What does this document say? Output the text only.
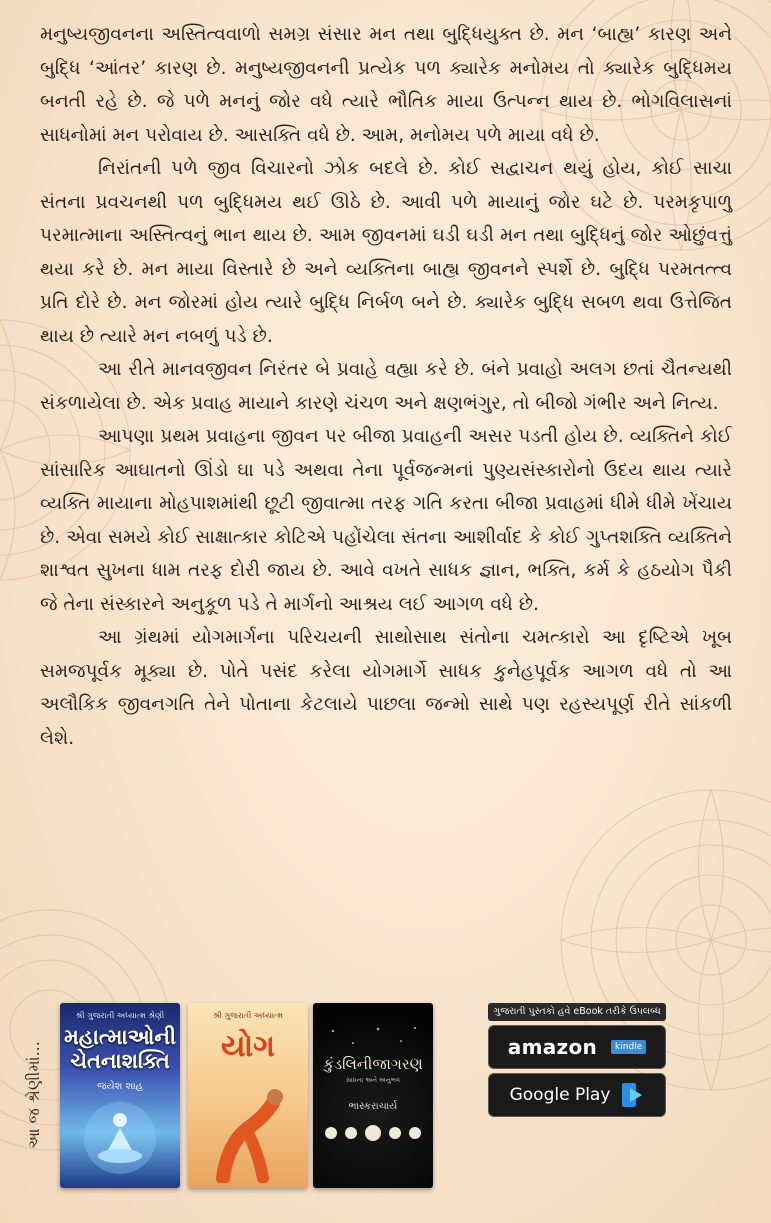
મનુષ્યજીવનના અસ્તિત્વવાળો સમગ્ર સંસાર મન તથા બુદ્ધિયુક્ત છે. મન ‘બાહ્ય’ કારણ અને બુદ્ધિ ‘આંતર’ કારણ છે. મનુષ્યજીવનની પ્રત્યેક પળ ક્યારેક મનોમય તો ક્યારેક બુદ્ધિમય બનતી રહે છે. જે પળે મનનું જોર વધે ત્યારે ભૌતિક માયા ઉત્પન્ન થાય છે. ભોગવિલાસનાં સાધનોમાં મન પરોવાય છે. આસક્તિ વધે છે. આમ, મનોમય પળે માયા વધે છે.

નિરાંતની પળે જીવ વિચારનો ઝોક બદલે છે. કોઈ સદ્વાચન થયું હોય, કોઈ સાચા સંતના પ્રવચનથી પળ બુદ્ધિમય થઈ ઊઠે છે. આવી પળે માયાનું જોર ઘટે છે. પરમકૃપાળુ પરમાત્માના અસ્તિત્વનું ભાન થાય છે. આમ જીવનમાં ઘડી ઘડી મન તથા બુદ્ધિનું જોર ઓછુંવત્તું થયા કરે છે. મન માયા વિસ્તારે છે અને વ્યક્તિના બાહ્ય જીવનને સ્પર્શે છે. બુદ્ધિ પરમતત્ત્વ પ્રતિ દોરે છે. મન જોરમાં હોય ત્યારે બુદ્ધિ નિર્બળ બને છે. ક્યારેક બુદ્ધિ સબળ થવા ઉત્તેજિત થાય છે ત્યારે મન નબળું પડે છે.

આ રીતે માનવજીવન નિરંતર બે પ્રવાહે વહ્યા કરે છે. બંને પ્રવાહો અલગ છતાં ચૈતન્યથી સંકળાયેલા છે. એક પ્રવાહ માયાને કારણે ચંચળ અને ક્ષણભંગુર, તો બીજો ગંભીર અને નિત્ય.

આપણા પ્રથમ પ્રવાહના જીવન પર બીજા પ્રવાહની અસર પડતી હોય છે. વ્યક્તિને કોઈ સાંસારિક આઘાતનો ઊંડો ઘા પડે અથવા તેના પૂર્વજન્મનાં પુણ્યસંસ્કારોનો ઉદય થાય ત્યારે વ્યક્તિ માયાના મોહપાશમાંથી છૂટી જીવાત્મા તરફ ગતિ કરતા બીજા પ્રવાહમાં ધીમે ધીમે ખેંચાય છે. એવા સમયે કોઈ સાક્ષાત્કાર કોટિએ પહોંચેલા સંતના આશીર્વાદ કે કોઈ ગુપ્તશક્તિ વ્યક્તિને શાશ્વત સુખના ધામ તરફ દોરી જાય છે. આવે વખતે સાધક જ્ઞાન, ભક્તિ, કર્મ કે હઠયોગ પૈકી જે તેના સંસ્કારને અનુકૂળ પડે તે માર્ગનો આશ્રય લઈ આગળ વધે છે.

આ ગ્રંથમાં યોગમાર્ગના પરિચયની સાથોસાથ સંતોના ચમત્કારો આ દૃષ્ટિએ ખૂબ સમજપૂર્વક મૂક્યા છે. પોતે પસંદ કરેલા યોગમાર્ગે સાધક કુનેહપૂર્વક આગળ વધે તો આ અલૌકિક જીવનગતિ તેને પોતાના કેટલાયે પાછલા જન્મો સાથે પણ રહસ્યપૂર્ણ રીતે સાંકળી લેશે.

આ જ શ્રેણીમાં...
શ્રી ગુજરાતી અધ્યાત્મ શ્રેણી
મહાત્માઓની ચેતનાશક્તિ
જયેશ શાહ
શ્રી ગુજરાતી અધ્યાત્મ
યોગ	કુંડલિનીજાગરણ
સાધના અને અનુભવ
ભાસ્કરાચાર્ય
ગુજરાતી પુસ્તકો હવે eBook તરીકે ઉપલબ્ધ
amazon	kindle
Google Play
